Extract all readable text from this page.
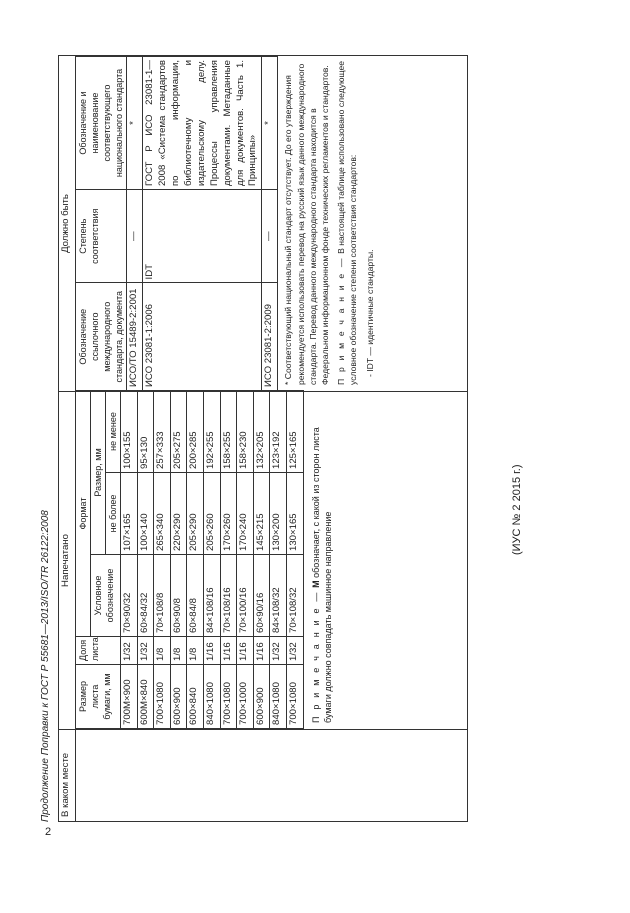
2
(ИУС № 2 2015 г.)
Продолжение Поправки к ГОСТ Р 55681—2013/ISO/TR 26122:2008 В каком месте	Напечатано	Должно быть

Размер листа бумаги, мм	Доля листа	Формат
Условное обозначение	Размер, мм
не более	не менее
700М×900	1/32	70×90/32	107×165	100×155
600М×840	1/32	60×84/32	100×140	95×130
700×1080	1/8	70×108/8	265×340	257×333
600×900	1/8	60×90/8	220×290	205×275
600×840	1/8	60×84/8	205×290	200×285
840×1080	1/16	84×108/16	205×260	192×255
700×1080	1/16	70×108/16	170×260	158×255
700×1000	1/16	70×100/16	170×240	158×230
600×900	1/16	60×90/16	145×215	132×205
840×1080	1/32	84×108/32	130×200	123×192
700×1080	1/32	70×108/32	130×165	125×165
П р и м е ч а н и е — М обозначает, с какой из сторон листа бумаги должно совпадать машинное направление

Обозначение ссылочного международного стандарта, документа	Степень соответствия	Обозначение и наименование соответствующего национального стандарта
ИСО/ТО 15489-2:2001	—	*
ИСО 23081-1:2006	IDT	ГОСТ Р ИСО 23081-1—2008 «Система стандартов по информации, библиотечному и издательскому делу. Процессы управления документами. Метаданные для документов. Часть 1. Принципы»
ИСО 23081-2:2009	—	*	* Соответствующий национальный стандарт отсутствует. До его утверждения рекомендуется использовать перевод на русский язык данного международного стандарта. Перевод данного международного стандарта находится в Федеральном информационном фонде технических регламентов и стандартов. П р и м е ч а н и е — В настоящей таблице использовано следующее условное обозначение степени соответствия стандартов: - IDT — идентичные стандарты.
